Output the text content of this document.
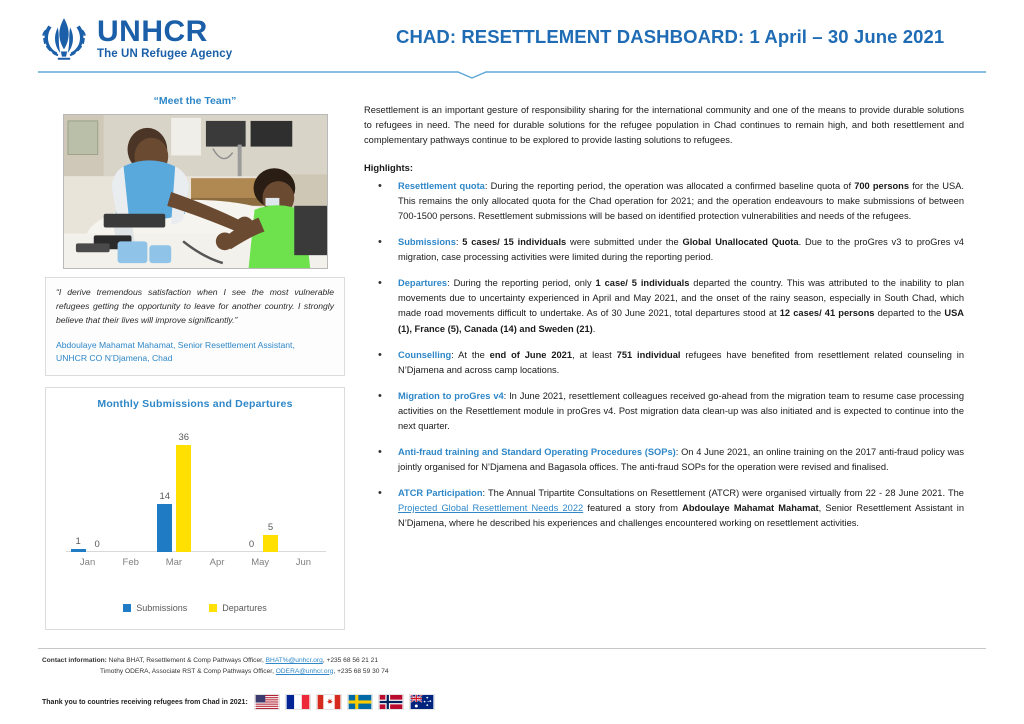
UNHCR
The UN Refugee Agency
CHAD: RESETTLEMENT DASHBOARD: 1 April – 30 June 2021
“Meet the Team”
“I derive tremendous satisfaction when I see the most vulnerable refugees getting the opportunity to leave for another country. I strongly believe that their lives will improve significantly.”
Abdoulaye Mahamat Mahamat, Senior Resettlement Assistant,
UNHCR CO N’Djamena, Chad
Monthly Submissions and Departures
1 0
14
36
0
5
Jan	Feb	Mar	Apr	May	Jun
Submissions	Departures

Resettlement is an important gesture of responsibility sharing for the international community and one of the means to provide durable solutions to refugees in need. The need for durable solutions for the refugee population in Chad continues to remain high, and both resettlement and complementary pathways continue to be explored to provide lasting solutions to refugees.

Highlights:
• Resettlement quota: During the reporting period, the operation was allocated a confirmed baseline quota of 700 persons for the USA. This remains the only allocated quota for the Chad operation for 2021; and the operation endeavours to make submissions of between 700-1500 persons. Resettlement submissions will be based on identified protection vulnerabilities and needs of the refugees.
• Submissions: 5 cases/ 15 individuals were submitted under the Global Unallocated Quota. Due to the proGres v3 to proGres v4 migration, case processing activities were limited during the reporting period.
• Departures: During the reporting period, only 1 case/ 5 individuals departed the country. This was attributed to the inability to plan movements due to uncertainty experienced in April and May 2021, and the onset of the rainy season, especially in South Chad, which made road movements difficult to undertake. As of 30 June 2021, total departures stood at 12 cases/ 41 persons departed to the USA (1), France (5), Canada (14) and Sweden (21).
• Counselling: At the end of June 2021, at least 751 individual refugees have benefited from resettlement related counseling in N’Djamena and across camp locations.
• Migration to proGres v4: In June 2021, resettlement colleagues received go-ahead from the migration team to resume case processing activities on the Resettlement module in proGres v4. Post migration data clean-up was also initiated and is expected to continue into the next quarter.
• Anti-fraud training and Standard Operating Procedures (SOPs): On 4 June 2021, an online training on the 2017 anti-fraud policy was jointly organised for N’Djamena and Bagasola offices. The anti-fraud SOPs for the operation were revised and finalised.
• ATCR Participation: The Annual Tripartite Consultations on Resettlement (ATCR) were organised virtually from 22 - 28 June 2021. The Projected Global Resettlement Needs 2022 featured a story from Abdoulaye Mahamat Mahamat, Senior Resettlement Assistant in N’Djamena, where he described his experiences and challenges encountered working on resettlement activities.
Contact information: Neha BHAT, Resettlement & Comp Pathways Officer, BHAT%@unhcr.org, +235 68 56 21 21
Timothy ODERA, Associate RST & Comp Pathways Officer, ODERA@unhcr.org, +235 68 59 30 74
Thank you to countries receiving refugees from Chad in 2021:
